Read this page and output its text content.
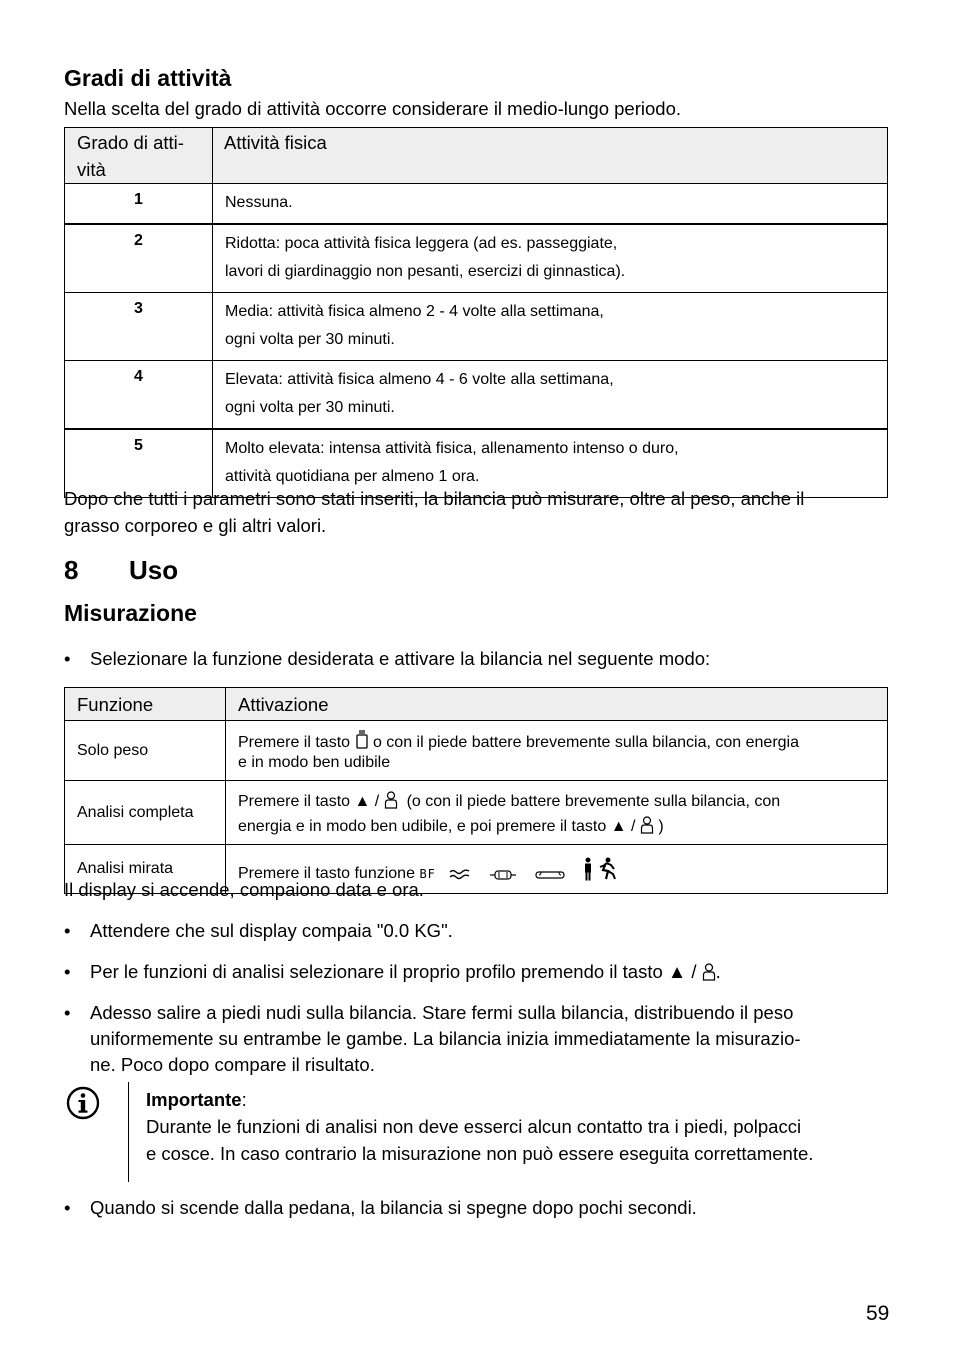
Gradi di attività

Nella scelta del grado di attività occorre considerare il medio-lungo periodo.

Grado di atti-
vità	Attività fisica
1	Nessuna.
2	Ridotta: poca attività fisica leggera (ad es. passeggiate,
lavori di giardinaggio non pesanti, esercizi di ginnastica).
3	Media: attività fisica almeno 2 - 4 volte alla settimana,
ogni volta per 30 minuti.
4	Elevata: attività fisica almeno 4 - 6 volte alla settimana,
ogni volta per 30 minuti.
5	Molto elevata: intensa attività fisica, allenamento intenso o duro,
attività quotidiana per almeno 1 ora.

Dopo che tutti i parametri sono stati inseriti, la bilancia può misurare, oltre al peso, anche il
grasso corporeo e gli altri valori.

8 Uso
Misurazione
• Selezionare la funzione desiderata e attivare la bilancia nel seguente modo:
Funzione	Attivazione
Solo peso	Premere il tasto o con il piede battere brevemente sulla bilancia, con energia
e in modo ben udibile
Analisi completa	Premere il tasto ▲ / (o con il piede battere brevemente sulla bilancia, con
energia e in modo ben udibile, e poi premere il tasto ▲ / )
Analisi mirata	Premere il tasto funzione BF

Il display si accende, compaiono data e ora.

• Attendere che sul display compaia "0.0 KG".
• Per le funzioni di analisi selezionare il proprio profilo premendo il tasto ▲ / .
• Adesso salire a piedi nudi sulla bilancia. Stare fermi sulla bilancia, distribuendo il peso
uniformemente su entrambe le gambe. La bilancia inizia immediatamente la misurazio-
ne. Poco dopo compare il risultato.
Importante:
Durante le funzioni di analisi non deve esserci alcun contatto tra i piedi, polpacci
e cosce. In caso contrario la misurazione non può essere eseguita correttamente.
• Quando si scende dalla pedana, la bilancia si spegne dopo pochi secondi.
59
